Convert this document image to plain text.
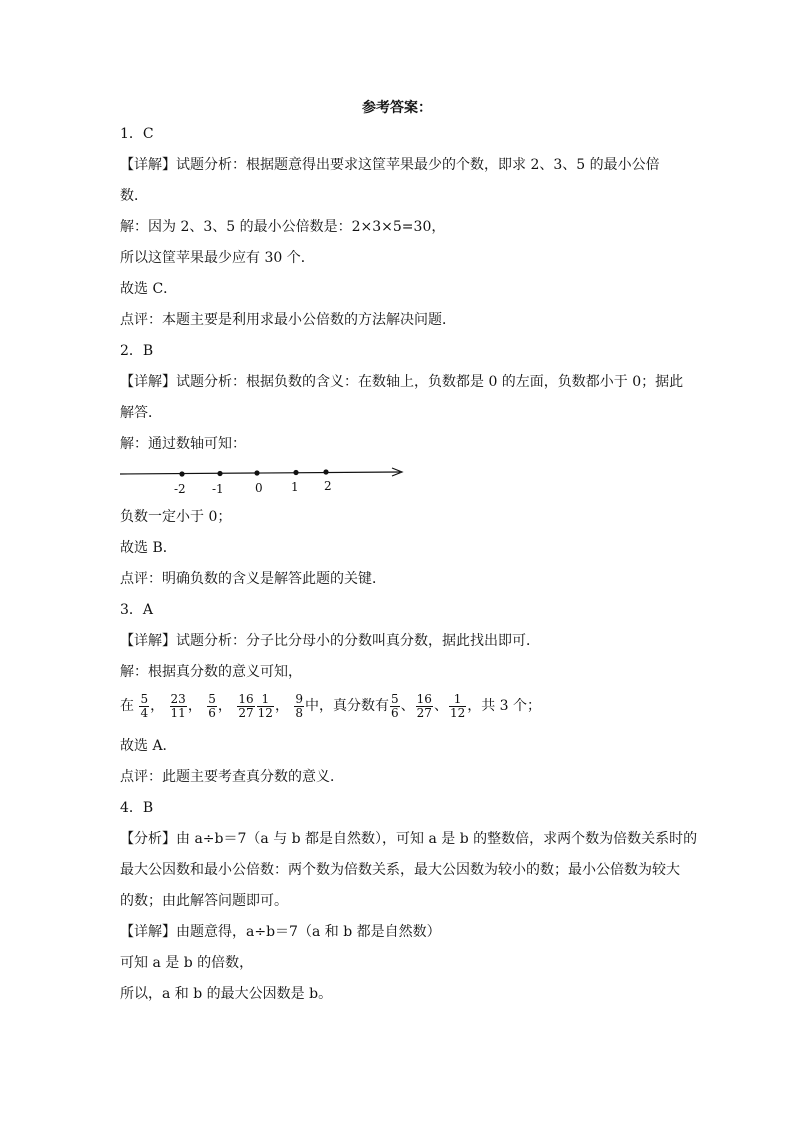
参考答案：
1．C
【详解】试题分析：根据题意得出要求这筐苹果最少的个数，即求 2、3、5 的最小公倍
数．
解：因为 2、3、5 的最小公倍数是：2×3×5=30，
所以这筐苹果最少应有 30 个．
故选 C．
点评：本题主要是利用求最小公倍数的方法解决问题．
2．B
【详解】试题分析：根据负数的含义：在数轴上，负数都是 0 的左面，负数都小于 0；据此
解答．
解：通过数轴可知：
-2 -1	0 1 2
负数一定小于 0；
故选 B．
点评：明确负数的含义是解答此题的关键．
3．A
【详解】试题分析：分子比分母小的分数叫真分数，据此找出即可．
解：根据真分数的意义可知，
在 $\frac{5}{4}$ ， $\frac{23}{11}$ ， $\frac{5}{6}$ ， $\frac{16}{27} \frac{1}{12}$ ， $\frac{9}{8}$ 中，真分数有 $\frac{5}{6}$ 、 $\frac{16}{27}$ 、 $\frac{1}{12}$ ，共 3 个；
故选 A．
点评：此题主要考查真分数的意义．
4．B
【分析】由 a÷b＝7（a 与 b 都是自然数），可知 a 是 b 的整数倍，求两个数为倍数关系时的
最大公因数和最小公倍数：两个数为倍数关系，最大公因数为较小的数；最小公倍数为较大
的数；由此解答问题即可。
【详解】由题意得，a÷b＝7（a 和 b 都是自然数）
可知 a 是 b 的倍数，
所以，a 和 b 的最大公因数是 b。
